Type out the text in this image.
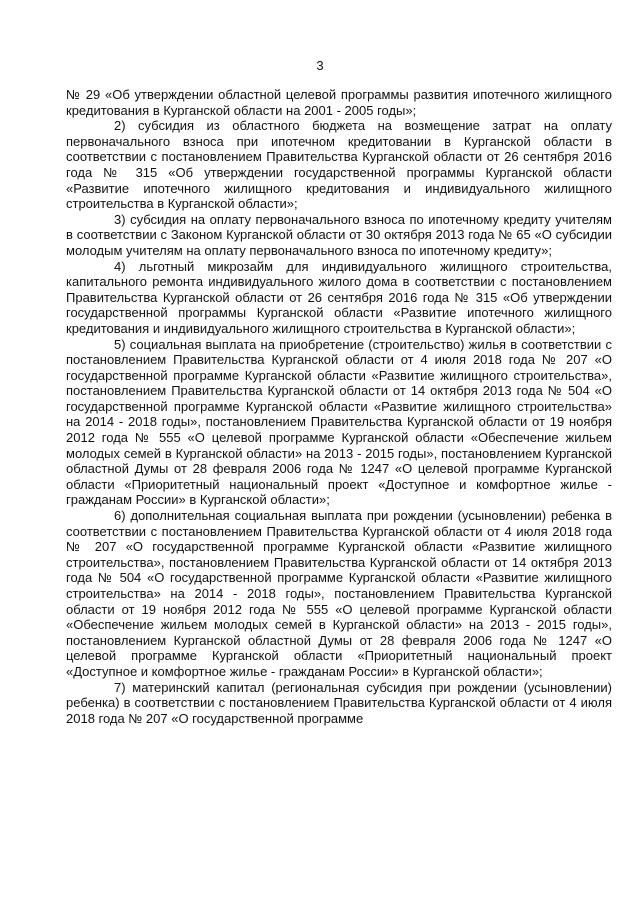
3

№ 29 «Об утверждении областной целевой программы развития ипотечного жилищного кредитования в Курганской области на 2001 - 2005 годы»;

2) субсидия из областного бюджета на возмещение затрат на оплату первоначального взноса при ипотечном кредитовании в Курганской области в соответствии с постановлением Правительства Курганской области от 26 сентября 2016 года № 315 «Об утверждении государственной программы Курганской области «Развитие ипотечного жилищного кредитования и индивидуального жилищного строительства в Курганской области»;

3) субсидия на оплату первоначального взноса по ипотечному кредиту учителям в соответствии с Законом Курганской области от 30 октября 2013 года № 65 «О субсидии молодым учителям на оплату первоначального взноса по ипотечному кредиту»;

4) льготный микрозайм для индивидуального жилищного строительства, капитального ремонта индивидуального жилого дома в соответствии с постановлением Правительства Курганской области от 26 сентября 2016 года № 315 «Об утверждении государственной программы Курганской области «Развитие ипотечного жилищного кредитования и индивидуального жилищного строительства в Курганской области»;

5) социальная выплата на приобретение (строительство) жилья в соответствии с постановлением Правительства Курганской области от 4 июля 2018 года № 207 «О государственной программе Курганской области «Развитие жилищного строительства», постановлением Правительства Курганской области от 14 октября 2013 года № 504 «О государственной программе Курганской области «Развитие жилищного строительства» на 2014 - 2018 годы», постановлением Правительства Курганской области от 19 ноября 2012 года № 555 «О целевой программе Курганской области «Обеспечение жильем молодых семей в Курганской области» на 2013 - 2015 годы», постановлением Курганской областной Думы от 28 февраля 2006 года № 1247 «О целевой программе Курганской области «Приоритетный национальный проект «Доступное и комфортное жилье - гражданам России» в Курганской области»;

6) дополнительная социальная выплата при рождении (усыновлении) ребенка в соответствии с постановлением Правительства Курганской области от 4 июля 2018 года № 207 «О государственной программе Курганской области «Развитие жилищного строительства», постановлением Правительства Курганской области от 14 октября 2013 года № 504 «О государственной программе Курганской области «Развитие жилищного строительства» на 2014 - 2018 годы», постановлением Правительства Курганской области от 19 ноября 2012 года № 555 «О целевой программе Курганской области «Обеспечение жильем молодых семей в Курганской области» на 2013 - 2015 годы», постановлением Курганской областной Думы от 28 февраля 2006 года № 1247 «О целевой программе Курганской области «Приоритетный национальный проект «Доступное и комфортное жилье - гражданам России» в Курганской области»;

7) материнский капитал (региональная субсидия при рождении (усыновлении) ребенка) в соответствии с постановлением Правительства Курганской области от 4 июля 2018 года № 207 «О государственной программе
